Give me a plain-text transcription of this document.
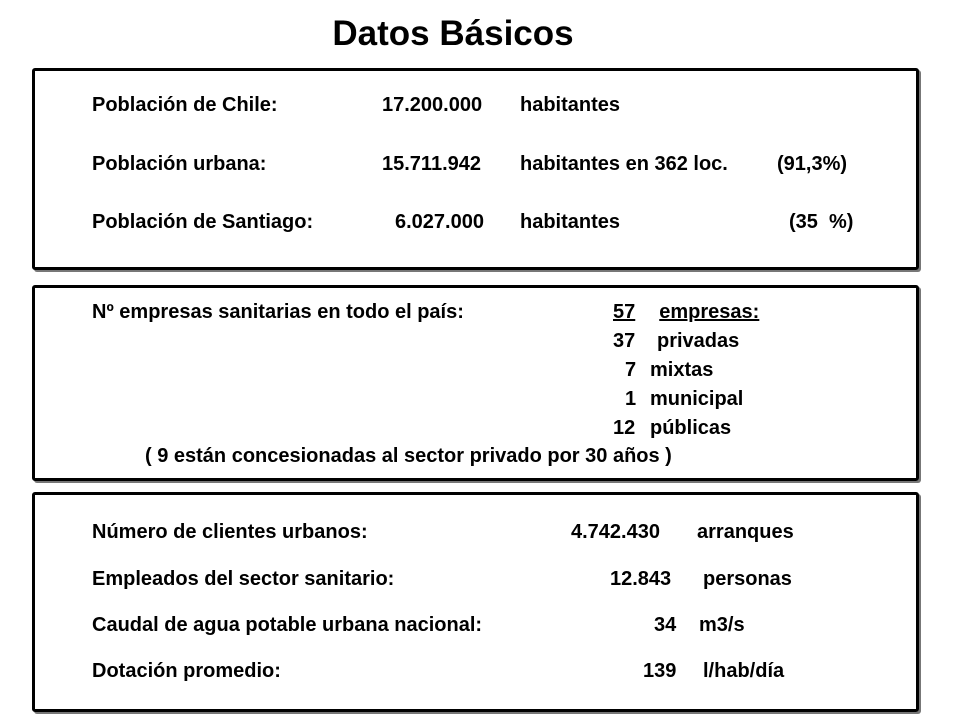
Datos Básicos
Población de Chile:	17.200.000 habitantes
Población urbana:	15.711.942 habitantes en 362 loc. (91,3%)
Población de Santiago:	6.027.000 habitantes	(35  %)
Nº empresas sanitarias en todo el país:	57 empresas:
37 privadas
7 mixtas
1 municipal
12 públicas
( 9 están concesionadas al sector privado por 30 años )
Número de clientes urbanos:	4.742.430 arranques
Empleados del sector sanitario:	12.843 personas
Caudal de agua potable urbana nacional:	34 m3/s
Dotación promedio:	139 l/hab/día
